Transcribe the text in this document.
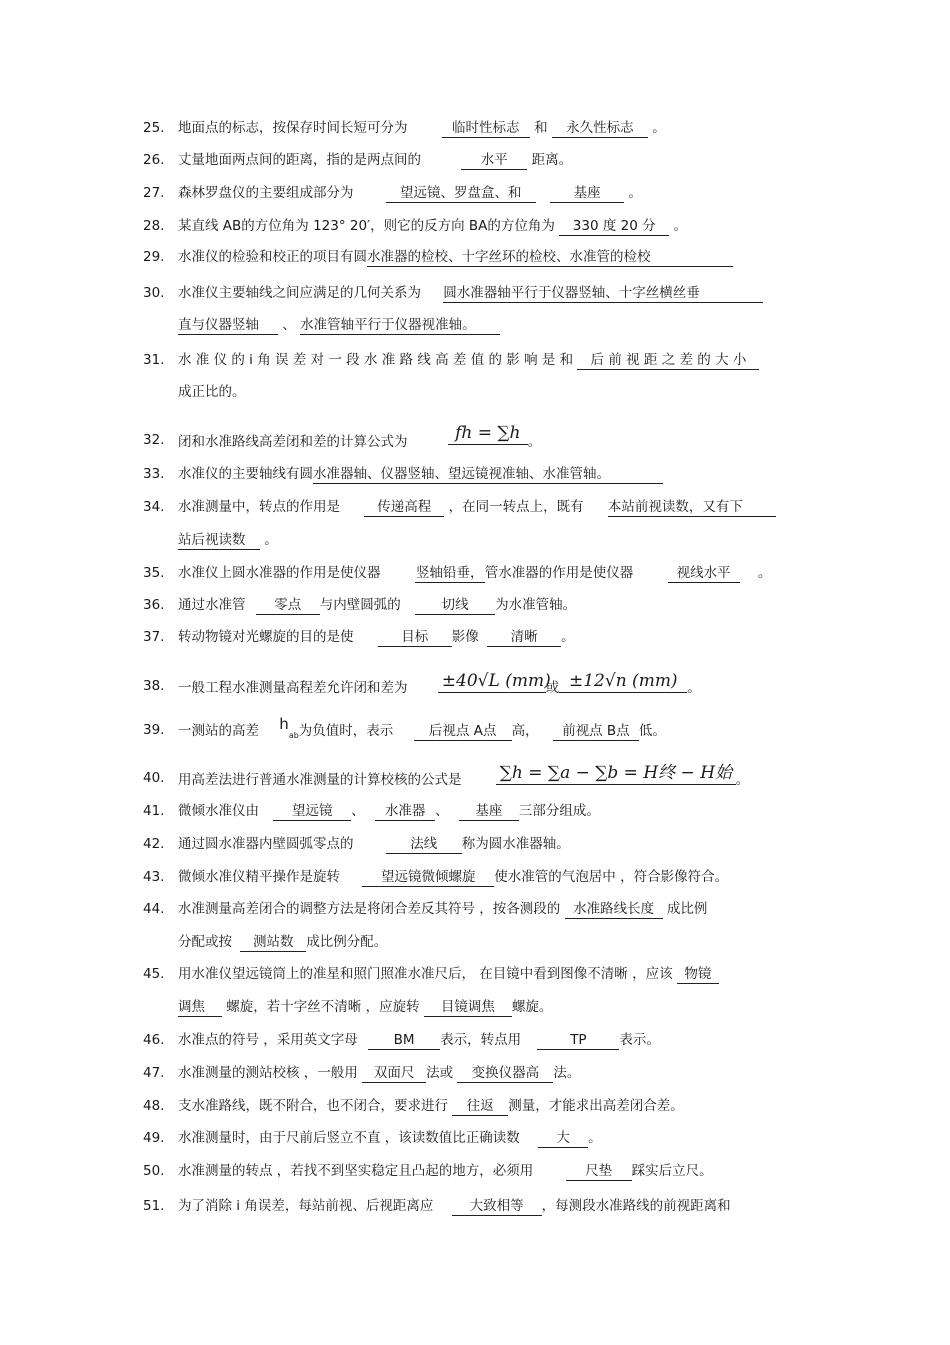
25.	地面点的标志，按保存时间长短可分为	临时性标志 和 永久性标志 。
26.	丈量地面两点间的距离，指的是两点间的	水平 距离。
27.	森林罗盘仪的主要组成部分为	望远镜、罗盘盒、和	基座 。
28.	某直线 AB的方位角为 123° 20′，则它的反方向 BA的方位角为 330 度 20 分 。
29.	水准仪的检验和校正的项目有圆水准器的检校、十字丝环的检校、水准管的检校
30.	水准仪主要轴线之间应满足的几何关系为 圆水准器轴平行于仪器竖轴、十字丝横丝垂
直与仪器竖轴 、 水准管轴平行于仪器视准轴。
31.	水 准 仪 的 i 角 误 差 对 一 段 水 准 路 线 高 差 值 的 影 响 是 和 后 前 视 距 之 差 的 大 小
成正比的。
32.	闭和水准路线高差闭和差的计算公式为	fh = ∑h 。
33.	水准仪的主要轴线有圆水准器轴、仪器竖轴、望远镜视准轴、水准管轴。
34.	水准测量中，转点的作用是	传递高程 ，在同一转点上，既有 本站前视读数，又有下
站后视读数 。
35.	水准仪上圆水准器的作用是使仪器	竖轴铅垂，管水准器的作用是使仪器	视线水平 。
36.	通过水准管 零点 与内壁圆弧的	切线 为水准管轴。
37.	转动物镜对光螺旋的目的是使	目标 影像 清晰 。
38.	一般工程水准测量高程差允许闭和差为 ±40√L (mm)或 ±12√n (mm) 。
39.	一测站的高差 $h_{ab}$为负值时，表示	后视点 A点 高， 前视点 B点 低。
40.	用高差法进行普通水准测量的计算校核的公式是 ∑h = ∑a − ∑b = H终 − H始 。
41.	微倾水准仪由 望远镜 、 水准器 、 基座 三部分组成。
42.	通过圆水准器内壁圆弧零点的	法线 称为圆水准器轴。
43.	微倾水准仪精平操作是旋转	望远镜微倾螺旋 使水准管的气泡居中 ，符合影像符合。
44.	水准测量高差闭合的调整方法是将闭合差反其符号 ，按各测段的 水准路线长度 成比例
分配或按 测站数 成比例分配。
45.	用水准仪望远镜筒上的准星和照门照准水准尺后， 在目镜中看到图像不清晰 ，应该 物镜
调焦 螺旋，若十字丝不清晰 ，应旋转 目镜调焦 螺旋。
46.	水准点的符号 ，采用英文字母	BM 表示，转点用	TP 表示。
47.	水准测量的测站校核 ，一般用 双面尺 法或 变换仪器高 法。
48.	支水准路线，既不附合，也不闭合，要求进行 往返 测量，才能求出高差闭合差。
49.	水准测量时，由于尺前后竖立不直 ，该读数值比正确读数	大 。
50.	水准测量的转点 ，若找不到坚实稳定且凸起的地方，必须用	尺垫 踩实后立尺。
51.	为了消除 i 角误差，每站前视、后视距离应	大致相等 ，每测段水准路线的前视距离和
